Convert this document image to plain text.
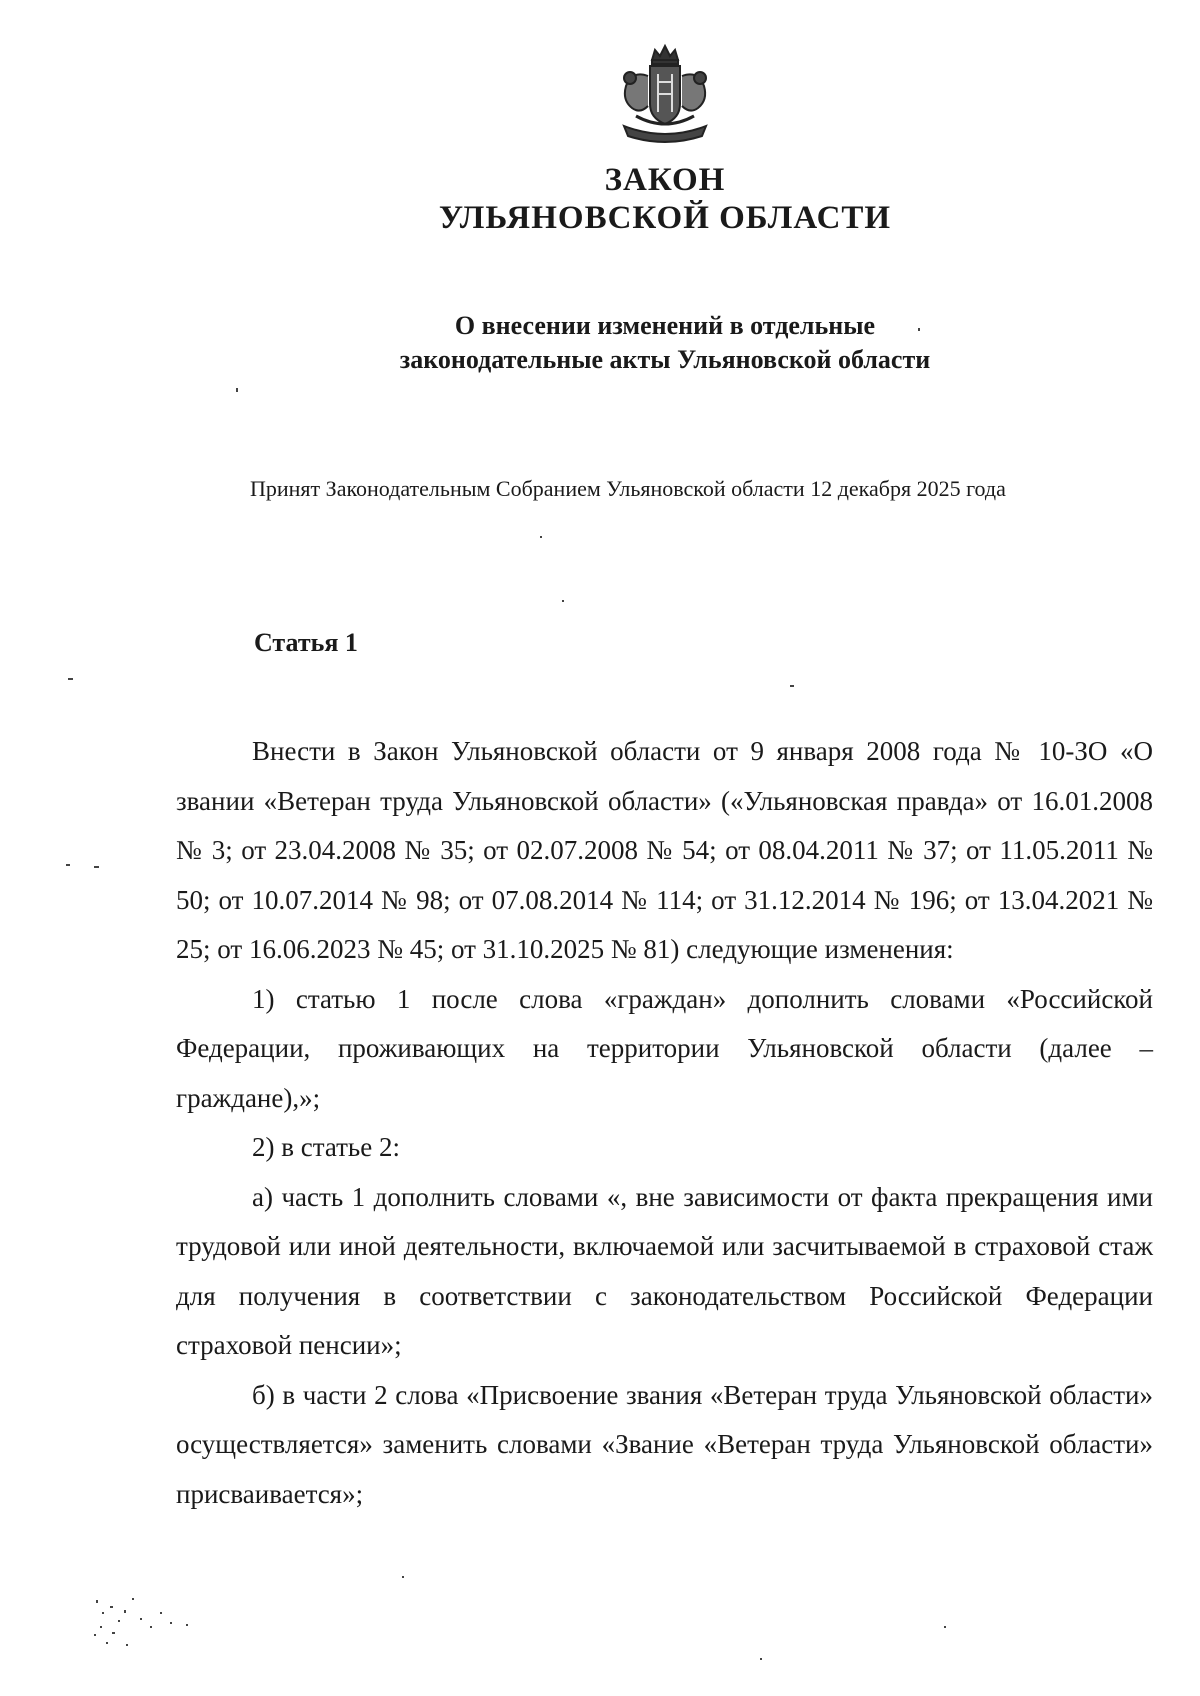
ЗАКОН
УЛЬЯНОВСКОЙ ОБЛАСТИ
О внесении изменений в отдельные
законодательные акты Ульяновской области
Принят Законодательным Собранием Ульяновской области 12 декабря 2025 года
Статья 1

Внести в Закон Ульяновской области от 9 января 2008 года № 10-ЗО «О звании «Ветеран труда Ульяновской области» («Ульяновская правда» от 16.01.2008 № 3; от 23.04.2008 № 35; от 02.07.2008 № 54; от 08.04.2011 № 37; от 11.05.2011 № 50; от 10.07.2014 № 98; от 07.08.2014 № 114; от 31.12.2014 № 196; от 13.04.2021 № 25; от 16.06.2023 № 45; от 31.10.2025 № 81) следующие изменения:

1) статью 1 после слова «граждан» дополнить словами «Российской Федерации, проживающих на территории Ульяновской области (далее – граждане),»;

2) в статье 2:

а) часть 1 дополнить словами «, вне зависимости от факта прекращения ими трудовой или иной деятельности, включаемой или засчитываемой в страховой стаж для получения в соответствии с законодательством Российской Федерации страховой пенсии»;

б) в части 2 слова «Присвоение звания «Ветеран труда Ульяновской области» осуществляется» заменить словами «Звание «Ветеран труда Ульяновской области» присваивается»;
